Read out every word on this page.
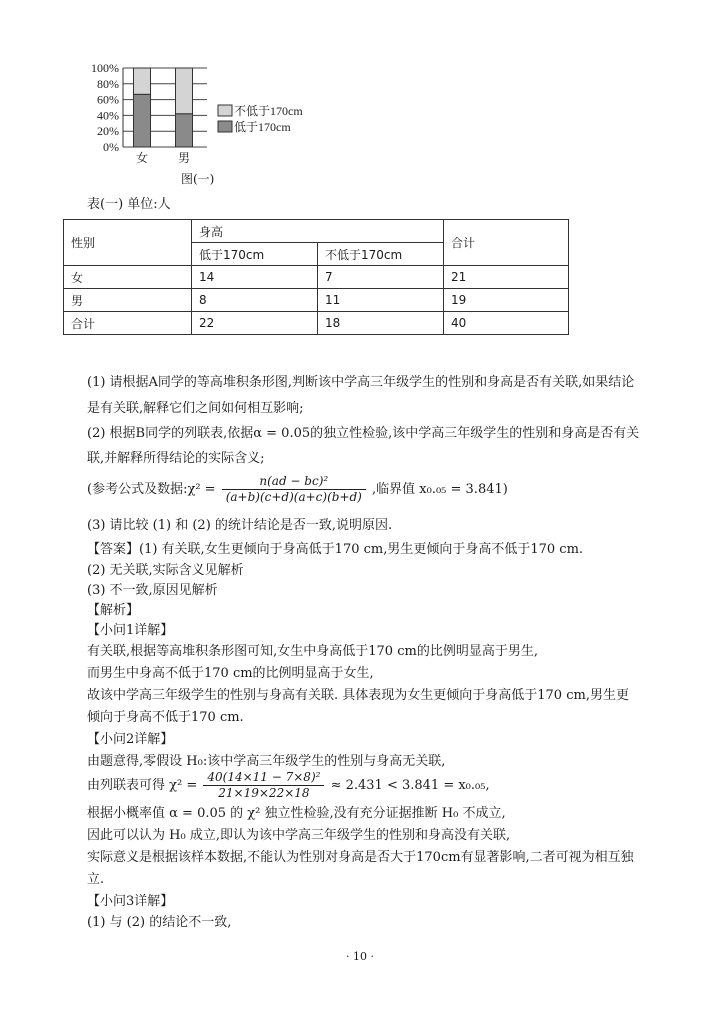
100%
80%
60%
40%
20%
0%
女 男
不低于170cm
低于170cm
图(一)
表(一) 单位:人
性别	身高		合计
	低于170cm	不低于170cm	
女	14	7	21
男	8	11	19
合计	22	18	40

(1) 请根据A同学的等高堆积条形图,判断该中学高三年级学生的性别和身高是否有关联,如果结论

是有关联,解释它们之间如何相互影响;

(2) 根据B同学的列联表,依据α = 0.05的独立性检验,该中学高三年级学生的性别和身高是否有关

联,并解释所得结论的实际含义;

(参考公式及数据:χ² = $\frac{\text{n(ad − bc)²}}{(a+b)(c+d)(a+c)(b+d)}$ ,临界值 x₀.₀₅ = 3.841)

(3) 请比较 (1) 和 (2) 的统计结论是否一致,说明原因.

【答案】(1) 有关联,女生更倾向于身高低于170 cm,男生更倾向于身高不低于170 cm.

(2) 无关联,实际含义见解析

(3) 不一致,原因见解析

【解析】

【小问1详解】

有关联,根据等高堆积条形图可知,女生中身高低于170 cm的比例明显高于男生,

而男生中身高不低于170 cm的比例明显高于女生,

故该中学高三年级学生的性别与身高有关联. 具体表现为女生更倾向于身高低于170 cm,男生更

倾向于身高不低于170 cm.

【小问2详解】

由题意得,零假设 H₀:该中学高三年级学生的性别与身高无关联,

由列联表可得 $\chi^2 = \frac{\text{40(14×11 − 7×8)²}}{21\times 19\times 22\times 18} \approx 2.431 < 3.841 = x_0._{05}$,

根据小概率值 α = 0.05 的 χ² 独立性检验,没有充分证据推断 H₀ 不成立,

因此可以认为 H₀ 成立,即认为该中学高三年级学生的性别和身高没有关联,

实际意义是根据该样本数据,不能认为性别对身高是否大于170cm有显著影响,二者可视为相互独

立.

【小问3详解】

(1) 与 (2) 的结论不一致,

· 10 ·
